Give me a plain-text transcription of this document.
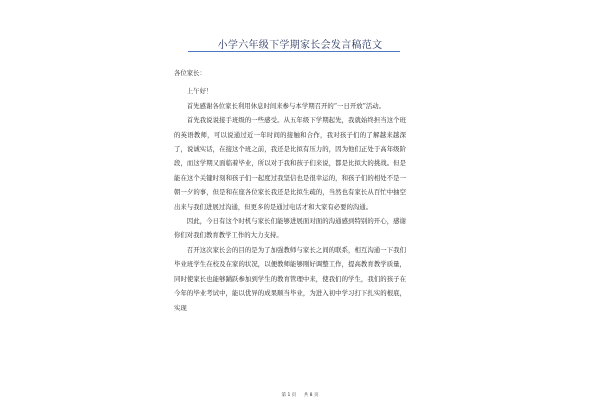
小学六年级下学期家长会发言稿范文

各位家长：

上午好！

首先感谢各位家长利用休息时间来参与本学期召开的“一日开放”活动。

首先我说说接手班级的一些感受。从五年级下学期起先，我就始终担当这个班的英语教师，可以说通过近一年时间的接触和合作，我对孩子们的了解越来越深了，说诚实话，在接这个班之前，我还是比拟有压力的，因为他们正处于高年级阶段，而这学期又面临着毕业，所以对于我和孩子们来说，都是比拟大的挑战。但是能在这个关键时刻和孩子们一起度过我坚信也是很幸运的，和孩子们的相处不是一朝一夕的事，但是和在座各位家长我还是比拟生疏的，当然也有家长从百忙中抽空出来与我们进展过沟通，但更多的是通过电话才和大家有必要的沟通。

因此，今日有这个时机与家长们能够进展面对面的沟通感到特别的开心，感谢你们对我们教育教学工作的大力支持。

召开这次家长会的目的是为了加强教师与家长之间的联系，相互沟通一下我们毕业班学生在校及在家的状况，以便教师能够刚好调整工作，提高教育教学质量，同时使家长也能够踊跃参加到学生的教育管理中来，使我们的学生，我们的孩子在今年的毕业考试中，能以优异的成果顺当毕业，为进入初中学习打下扎实的根底，实现

第 1 页 共 8 页
